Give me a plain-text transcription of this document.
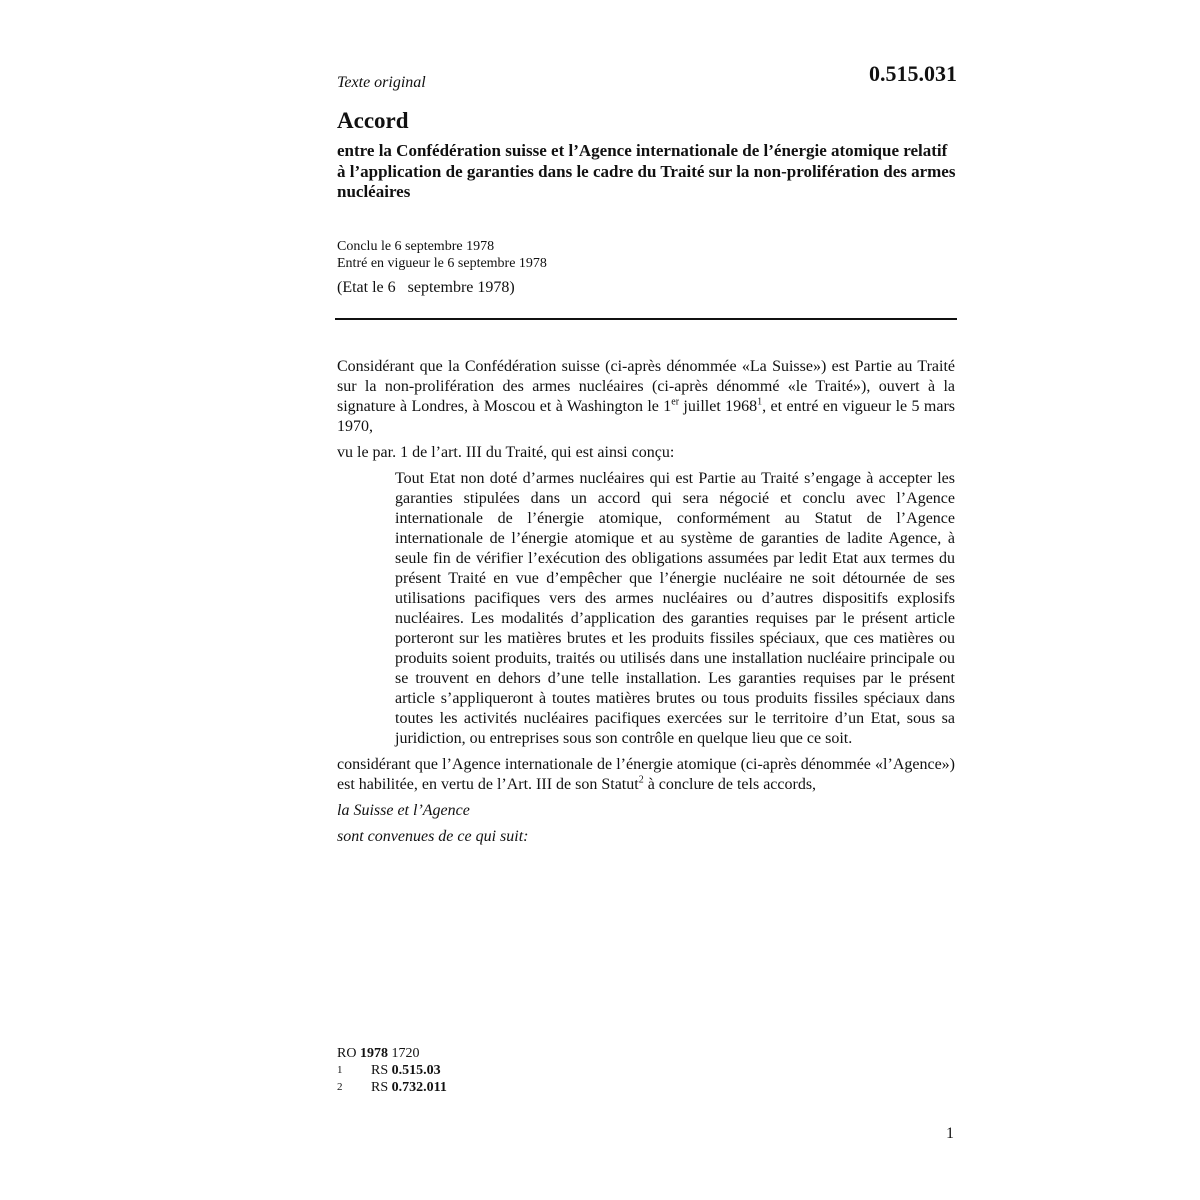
Texte original	0.515.031
Accord
entre la Confédération suisse et l’Agence internationale de l’énergie atomique relatif à l’application de garanties dans le cadre du Traité sur la non-prolifération des armes nucléaires
Conclu le 6 septembre 1978
Entré en vigueur le 6 septembre 1978
(Etat le 6   septembre 1978)

Considérant que la Confédération suisse (ci-après dénommée «La Suisse») est Partie au Traité sur la non-prolifération des armes nucléaires (ci-après dénommé «le Traité»), ouvert à la signature à Londres, à Moscou et à Washington le 1er juillet 1968$^1$, et entré en vigueur le 5 mars 1970,

vu le par. 1 de l’art. III du Traité, qui est ainsi conçu:

Tout Etat non doté d’armes nucléaires qui est Partie au Traité s’engage à accepter les garanties stipulées dans un accord qui sera négocié et conclu avec l’Agence internationale de l’énergie atomique, conformément au Statut de l’Agence internationale de l’énergie atomique et au système de garanties de ladite Agence, à seule fin de vérifier l’exécution des obligations assumées par ledit Etat aux termes du présent Traité en vue d’empêcher que l’énergie nucléaire ne soit détournée de ses utilisations pacifiques vers des armes nucléaires ou d’autres dispositifs explosifs nucléaires. Les modalités d’application des garanties requises par le présent article porteront sur les matières brutes et les produits fissiles spéciaux, que ces matières ou produits soient produits, traités ou utilisés dans une installation nucléaire principale ou se trouvent en dehors d’une telle installation. Les garanties requises par le présent article s’appliqueront à toutes matières brutes ou tous produits fissiles spéciaux dans toutes les activités nucléaires pacifiques exercées sur le territoire d’un Etat, sous sa juridiction, ou entreprises sous son contrôle en quelque lieu que ce soit.

considérant que l’Agence internationale de l’énergie atomique (ci-après dénommée «l’Agence») est habilitée, en vertu de l’Art. III de son Statut$^2$ à conclure de tels accords,

la Suisse et l’Agence

sont convenues de ce qui suit:

RO 1978 1720
1	RS 0.515.03
2	RS 0.732.011
1
